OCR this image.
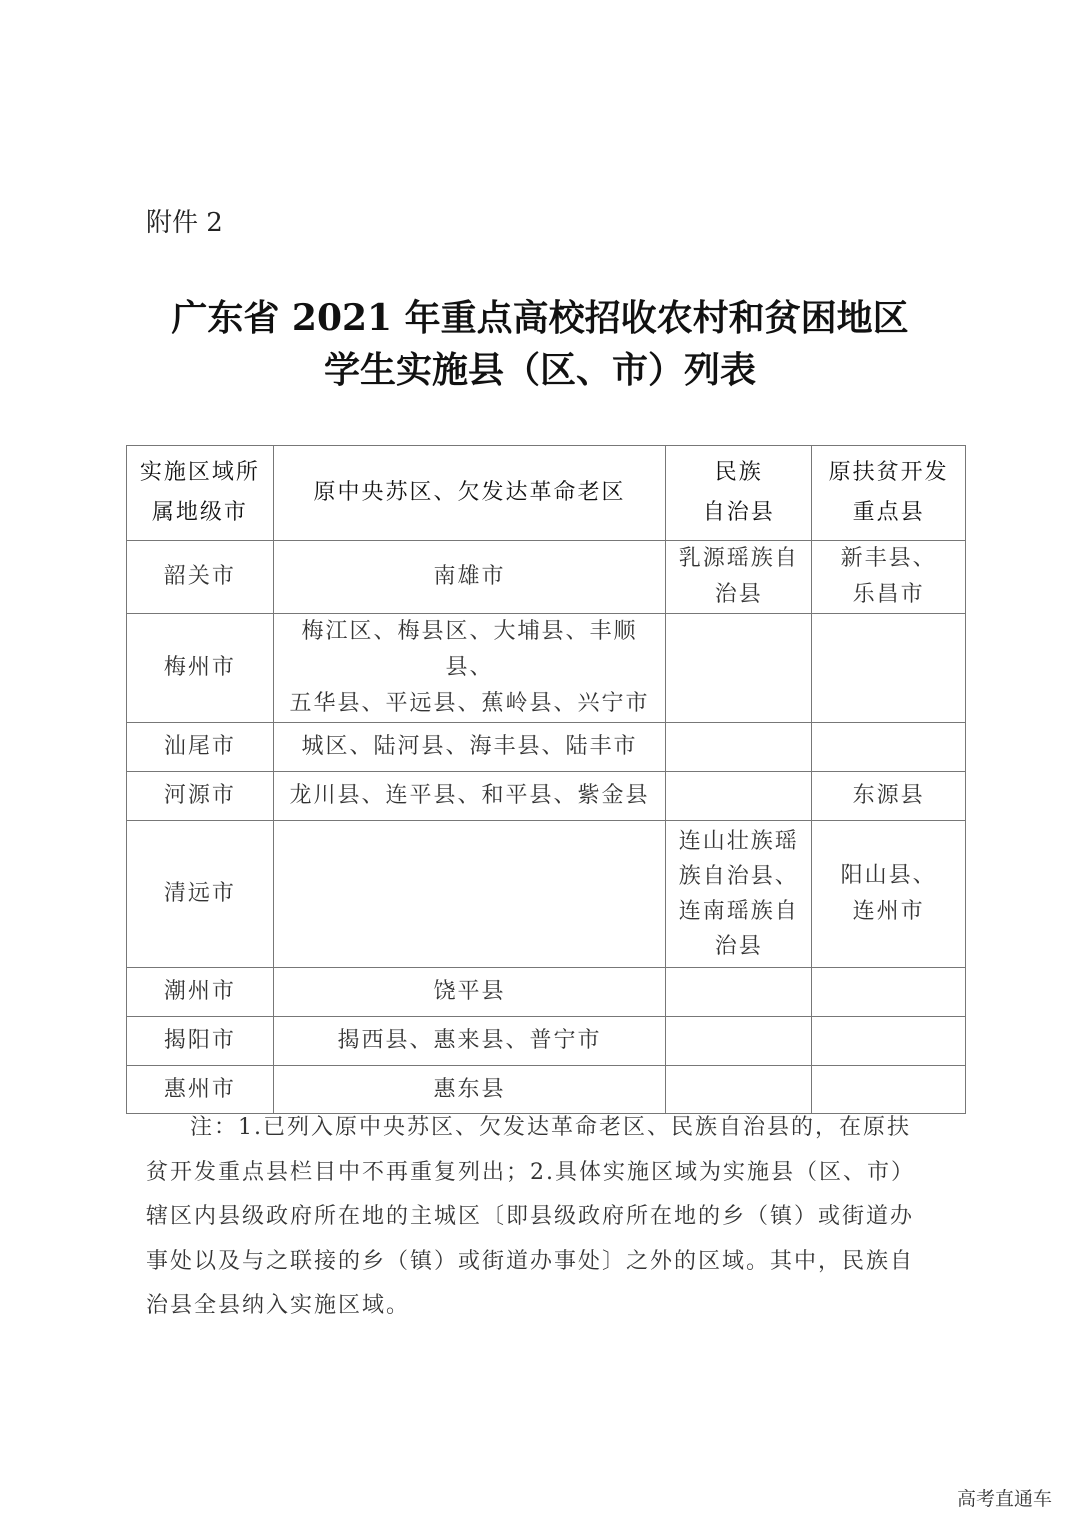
附件 2
广东省 2021 年重点高校招收农村和贫困地区
学生实施县（区、市）列表
实施区域所
属地级市	原中央苏区、欠发达革命老区	民族
自治县	原扶贫开发
重点县

韶关市	南雄市	乳源瑶族自
治县	新丰县、
乐昌市

梅州市	梅江区、梅县区、大埔县、丰顺县、
五华县、平远县、蕉岭县、兴宁市		

汕尾市	城区、陆河县、海丰县、陆丰市		

河源市	龙川县、连平县、和平县、紫金县		东源县

清远市		连山壮族瑶
族自治县、
连南瑶族自
治县	阳山县、
连州市

潮州市	饶平县		

揭阳市	揭西县、惠来县、普宁市		

惠州市	惠东县		

注：1.已列入原中央苏区、欠发达革命老区、民族自治县的，在原扶
贫开发重点县栏目中不再重复列出；2.具体实施区域为实施县（区、市）
辖区内县级政府所在地的主城区〔即县级政府所在地的乡（镇）或街道办
事处以及与之联接的乡（镇）或街道办事处〕之外的区域。其中，民族自
治县全县纳入实施区域。
高考直通车
